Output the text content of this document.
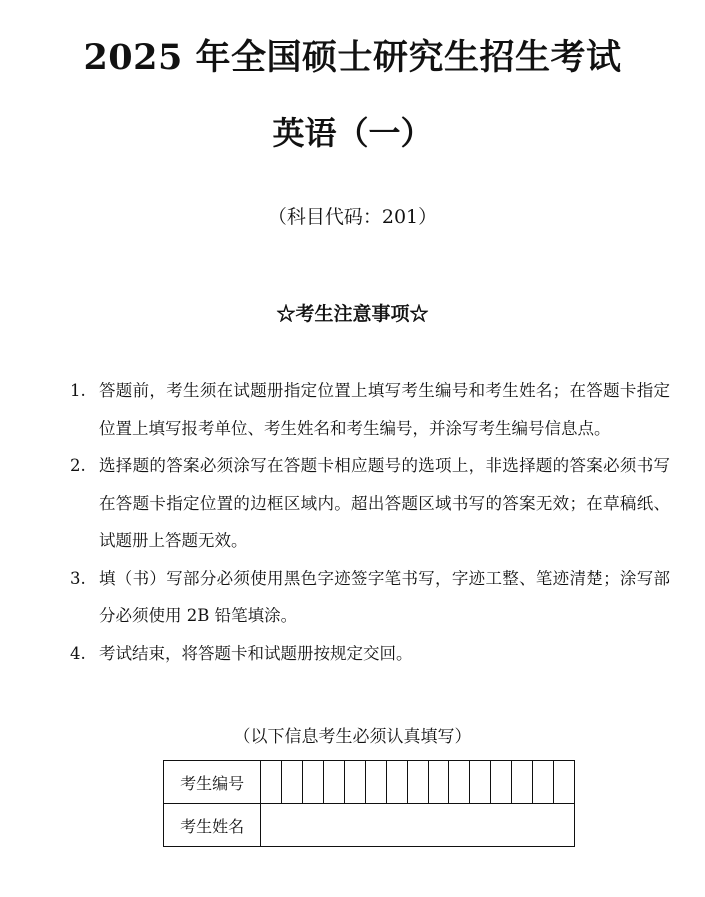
2025 年全国硕士研究生招生考试
英语（一）

（科目代码：201）

☆考生注意事项☆

1. 答题前，考生须在试题册指定位置上填写考生编号和考生姓名；在答题卡指定位置上填写报考单位、考生姓名和考生编号，并涂写考生编号信息点。
2. 选择题的答案必须涂写在答题卡相应题号的选项上，非选择题的答案必须书写在答题卡指定位置的边框区域内。超出答题区域书写的答案无效；在草稿纸、试题册上答题无效。
3. 填（书）写部分必须使用黑色字迹签字笔书写，字迹工整、笔迹清楚；涂写部分必须使用 2B 铅笔填涂。
4. 考试结束，将答题卡和试题册按规定交回。

（以下信息考生必须认真填写）

考生编号															
考生姓名															
